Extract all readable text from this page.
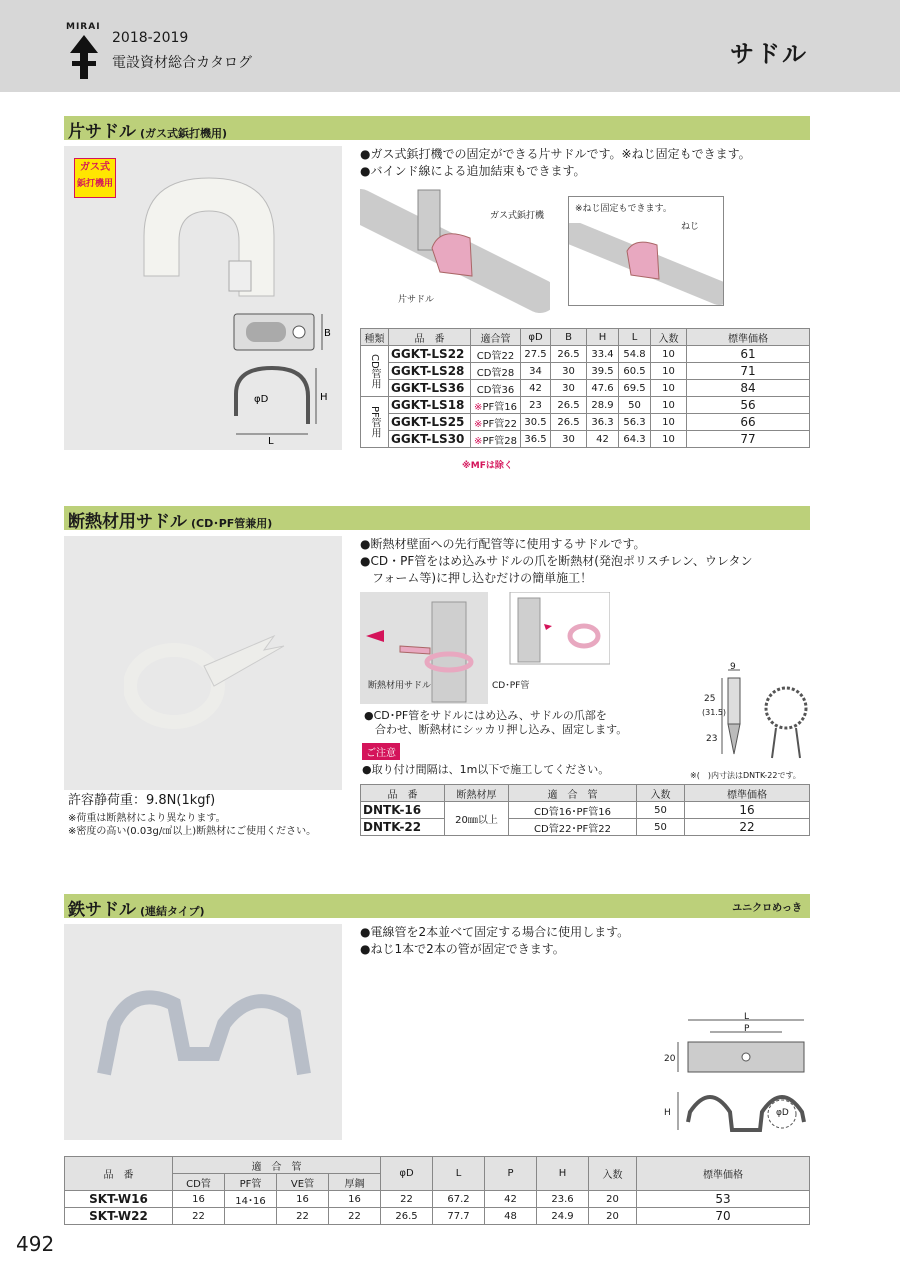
MIRAI
2018-2019
電設資材総合カタログ	サドル
片サドル (ガス式鋲打機用)
ガス式
鋲打機用
B
H
φD
L
●ガス式鋲打機での固定ができる片サドルです。※ねじ固定もできます。
●バインド線による追加結束もできます。
ガス式鋲打機
片サドル
※ねじ固定もできます。
ねじ
種類	品　番	適合管	φD	B	H	L	入数	標準価格
CD管用	GGKT-LS22	CD管22	27.5	26.5	33.4	54.8	10	61
	GGKT-LS28	CD管28	34	30	39.5	60.5	10	71
	GGKT-LS36	CD管36	42	30	47.6	69.5	10	84
PF管用	GGKT-LS18	※PF管16	23	26.5	28.9	50	10	56
	GGKT-LS25	※PF管22	30.5	26.5	36.3	56.3	10	66
	GGKT-LS30	※PF管28	36.5	30	42	64.3	10	77
※MFは除く
断熱材用サドル (CD･PF管兼用)
許容静荷重：9.8N(1kgf)
※荷重は断熱材により異なります。
※密度の高い(0.03g/㎤以上)断熱材にご使用ください。
●断熱材壁面への先行配管等に使用するサドルです。
●CD・PF管をはめ込みサドルの爪を断熱材(発泡ポリスチレン、ウレタン
　フォーム等)に押し込むだけの簡単施工！
断熱材用サドル	CD･PF管
●CD･PF管をサドルにはめ込み、サドルの爪部を
　合わせ、断熱材にシッカリ押し込み、固定します。
ご注意
●取り付け間隔は、1m以下で施工してください。
9
25
(31.5)
23
※(　)内寸法はDNTK-22です。
品　番	断熱材厚	適　合　管	入数	標準価格
DNTK-16	20㎜以上	CD管16･PF管16	50	16
DNTK-22		CD管22･PF管22	50	22
鉄サドル (連結タイプ)	ユニクロめっき
●電線管を2本並べて固定する場合に使用します。
●ねじ1本で2本の管が固定できます。
L
P
20
H	φD
品　番	適　合　管				φD	L	P	H	入数	標準価格
	CD管	PF管	VE管	厚鋼						
SKT-W16	16	14･16	16	16	22	67.2	42	23.6	20	53
SKT-W22	22		22	22	26.5	77.7	48	24.9	20	70
492
